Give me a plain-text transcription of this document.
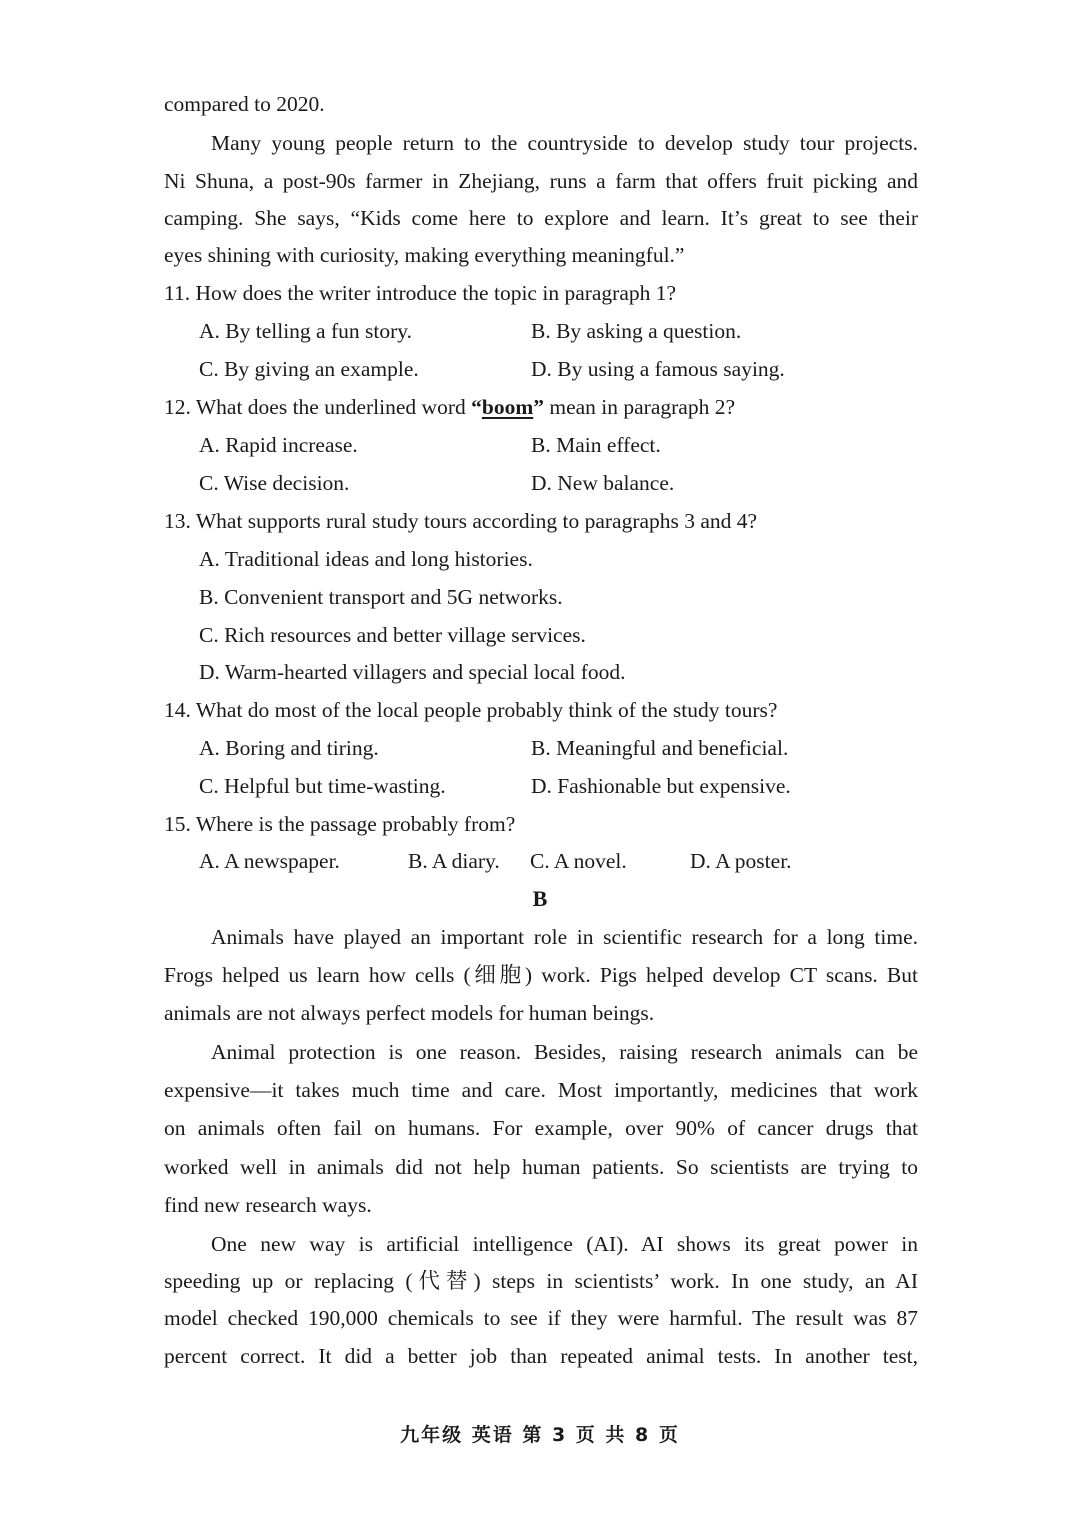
compared to 2020.
Many young people return to the countryside to develop study tour projects.
Ni Shuna, a post-90s farmer in Zhejiang, runs a farm that offers fruit picking and
camping. She says, “Kids come here to explore and learn. It’s great to see their
eyes shining with curiosity, making everything meaningful.”
11. How does the writer introduce the topic in paragraph 1?
A. By telling a fun story.	B. By asking a question.
C. By giving an example.	D. By using a famous saying.
12. What does the underlined word “boom” mean in paragraph 2?
A. Rapid increase.	B. Main effect.
C. Wise decision.	D. New balance.
13. What supports rural study tours according to paragraphs 3 and 4?
A. Traditional ideas and long histories.
B. Convenient transport and 5G networks.
C. Rich resources and better village services.
D. Warm-hearted villagers and special local food.
14. What do most of the local people probably think of the study tours?
A. Boring and tiring.	B. Meaningful and beneficial.
C. Helpful but time-wasting.	D. Fashionable but expensive.
15. Where is the passage probably from?
A. A newspaper.	B. A diary. C. A novel.	D. A poster.
B
Animals have played an important role in scientific research for a long time.
Frogs helped us learn how cells (细胞) work. Pigs helped develop CT scans. But
animals are not always perfect models for human beings.
Animal protection is one reason. Besides, raising research animals can be
expensive—it takes much time and care. Most importantly, medicines that work
on animals often fail on humans. For example, over 90% of cancer drugs that
worked well in animals did not help human patients. So scientists are trying to
find new research ways.
One new way is artificial intelligence (AI). AI shows its great power in
speeding up or replacing (代替) steps in scientists’ work. In one study, an AI
model checked 190,000 chemicals to see if they were harmful. The result was 87
percent correct. It did a better job than repeated animal tests. In another test,
九年级 英语 第 3 页 共 8 页
